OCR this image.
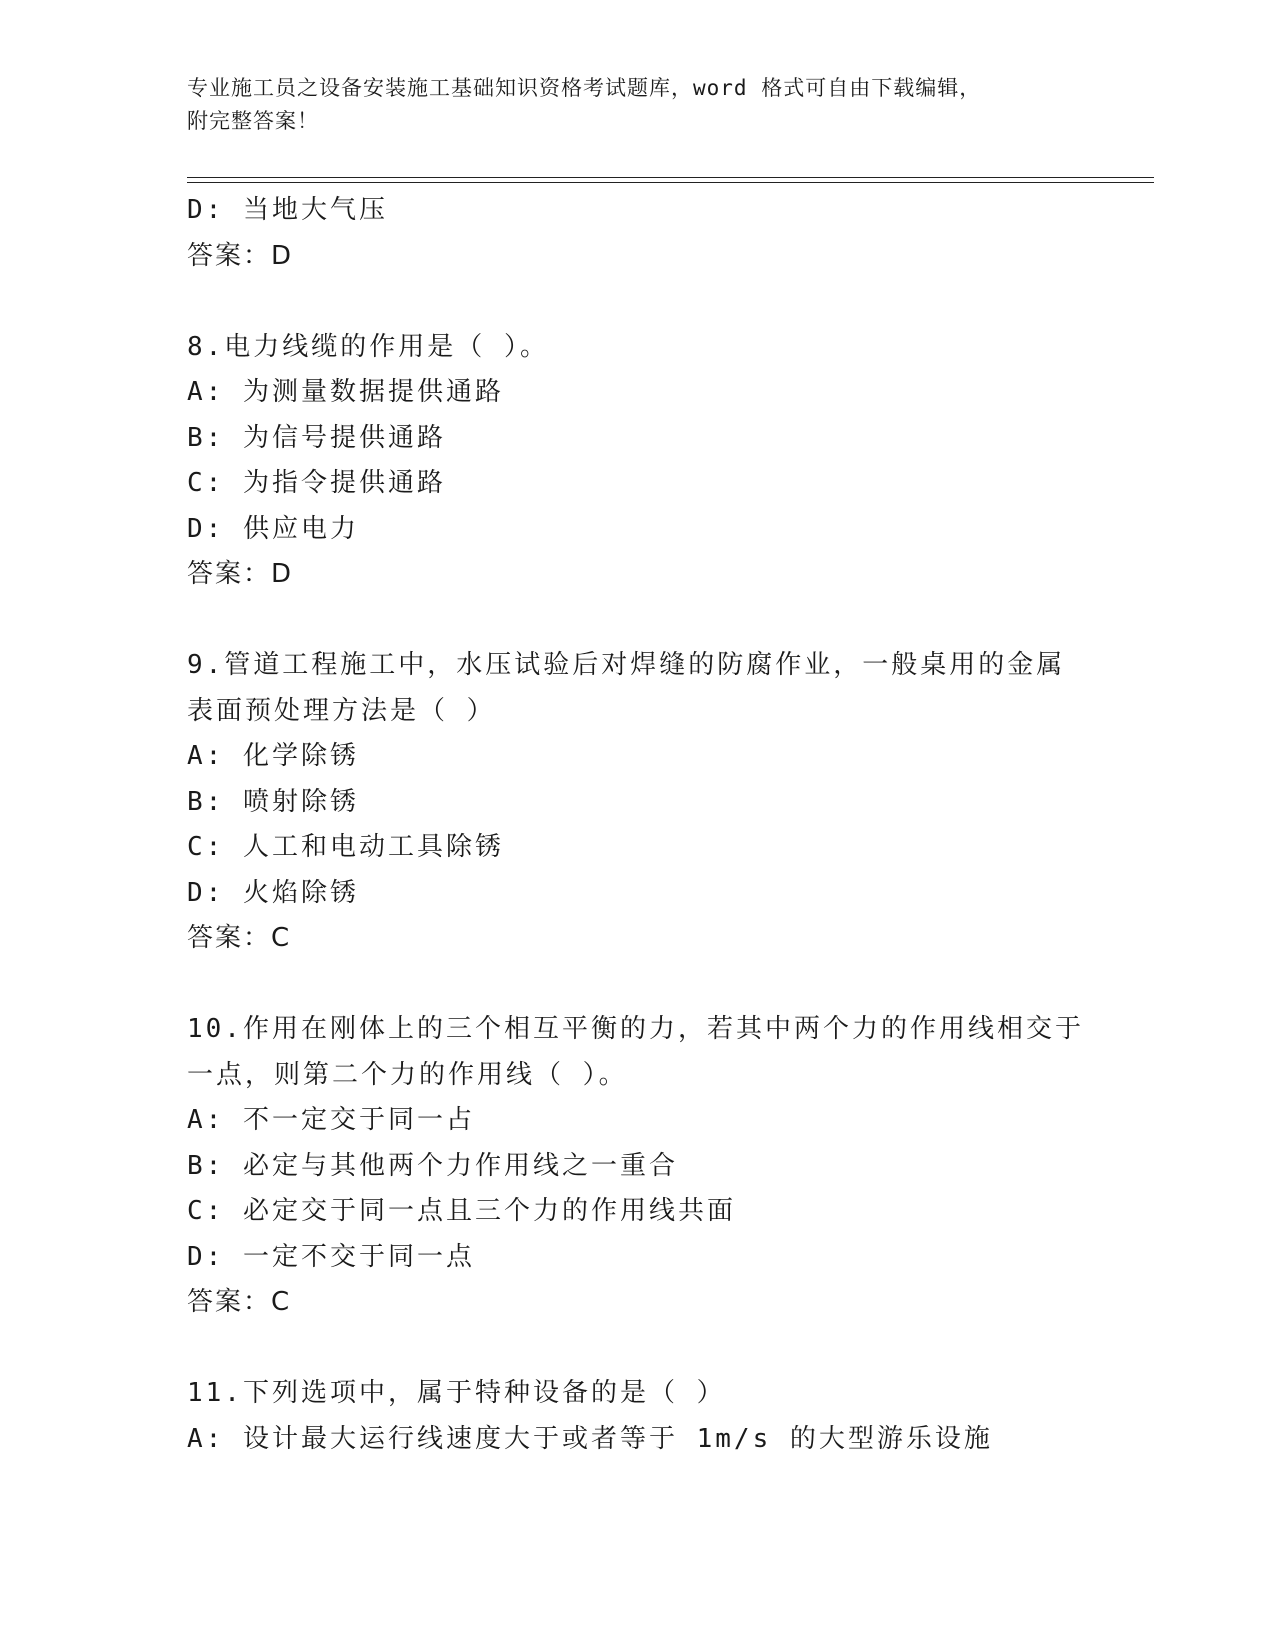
专业施工员之设备安装施工基础知识资格考试题库，word 格式可自由下载编辑，
附完整答案！
D: 当地大气压
答案：D
8.电力线缆的作用是（ ）。
A: 为测量数据提供通路
B: 为信号提供通路
C: 为指令提供通路
D: 供应电力
答案：D
9.管道工程施工中，水压试验后对焊缝的防腐作业，一般桌用的金属
表面预处理方法是（ ）
A: 化学除锈
B: 喷射除锈
C: 人工和电动工具除锈
D: 火焰除锈
答案：C
10.作用在刚体上的三个相互平衡的力，若其中两个力的作用线相交于
一点，则第二个力的作用线（ ）。
A: 不一定交于同一占
B: 必定与其他两个力作用线之一重合
C: 必定交于同一点且三个力的作用线共面
D: 一定不交于同一点
答案：C
11.下列选项中，属于特种设备的是（ ）
A: 设计最大运行线速度大于或者等于 1m/s 的大型游乐设施
